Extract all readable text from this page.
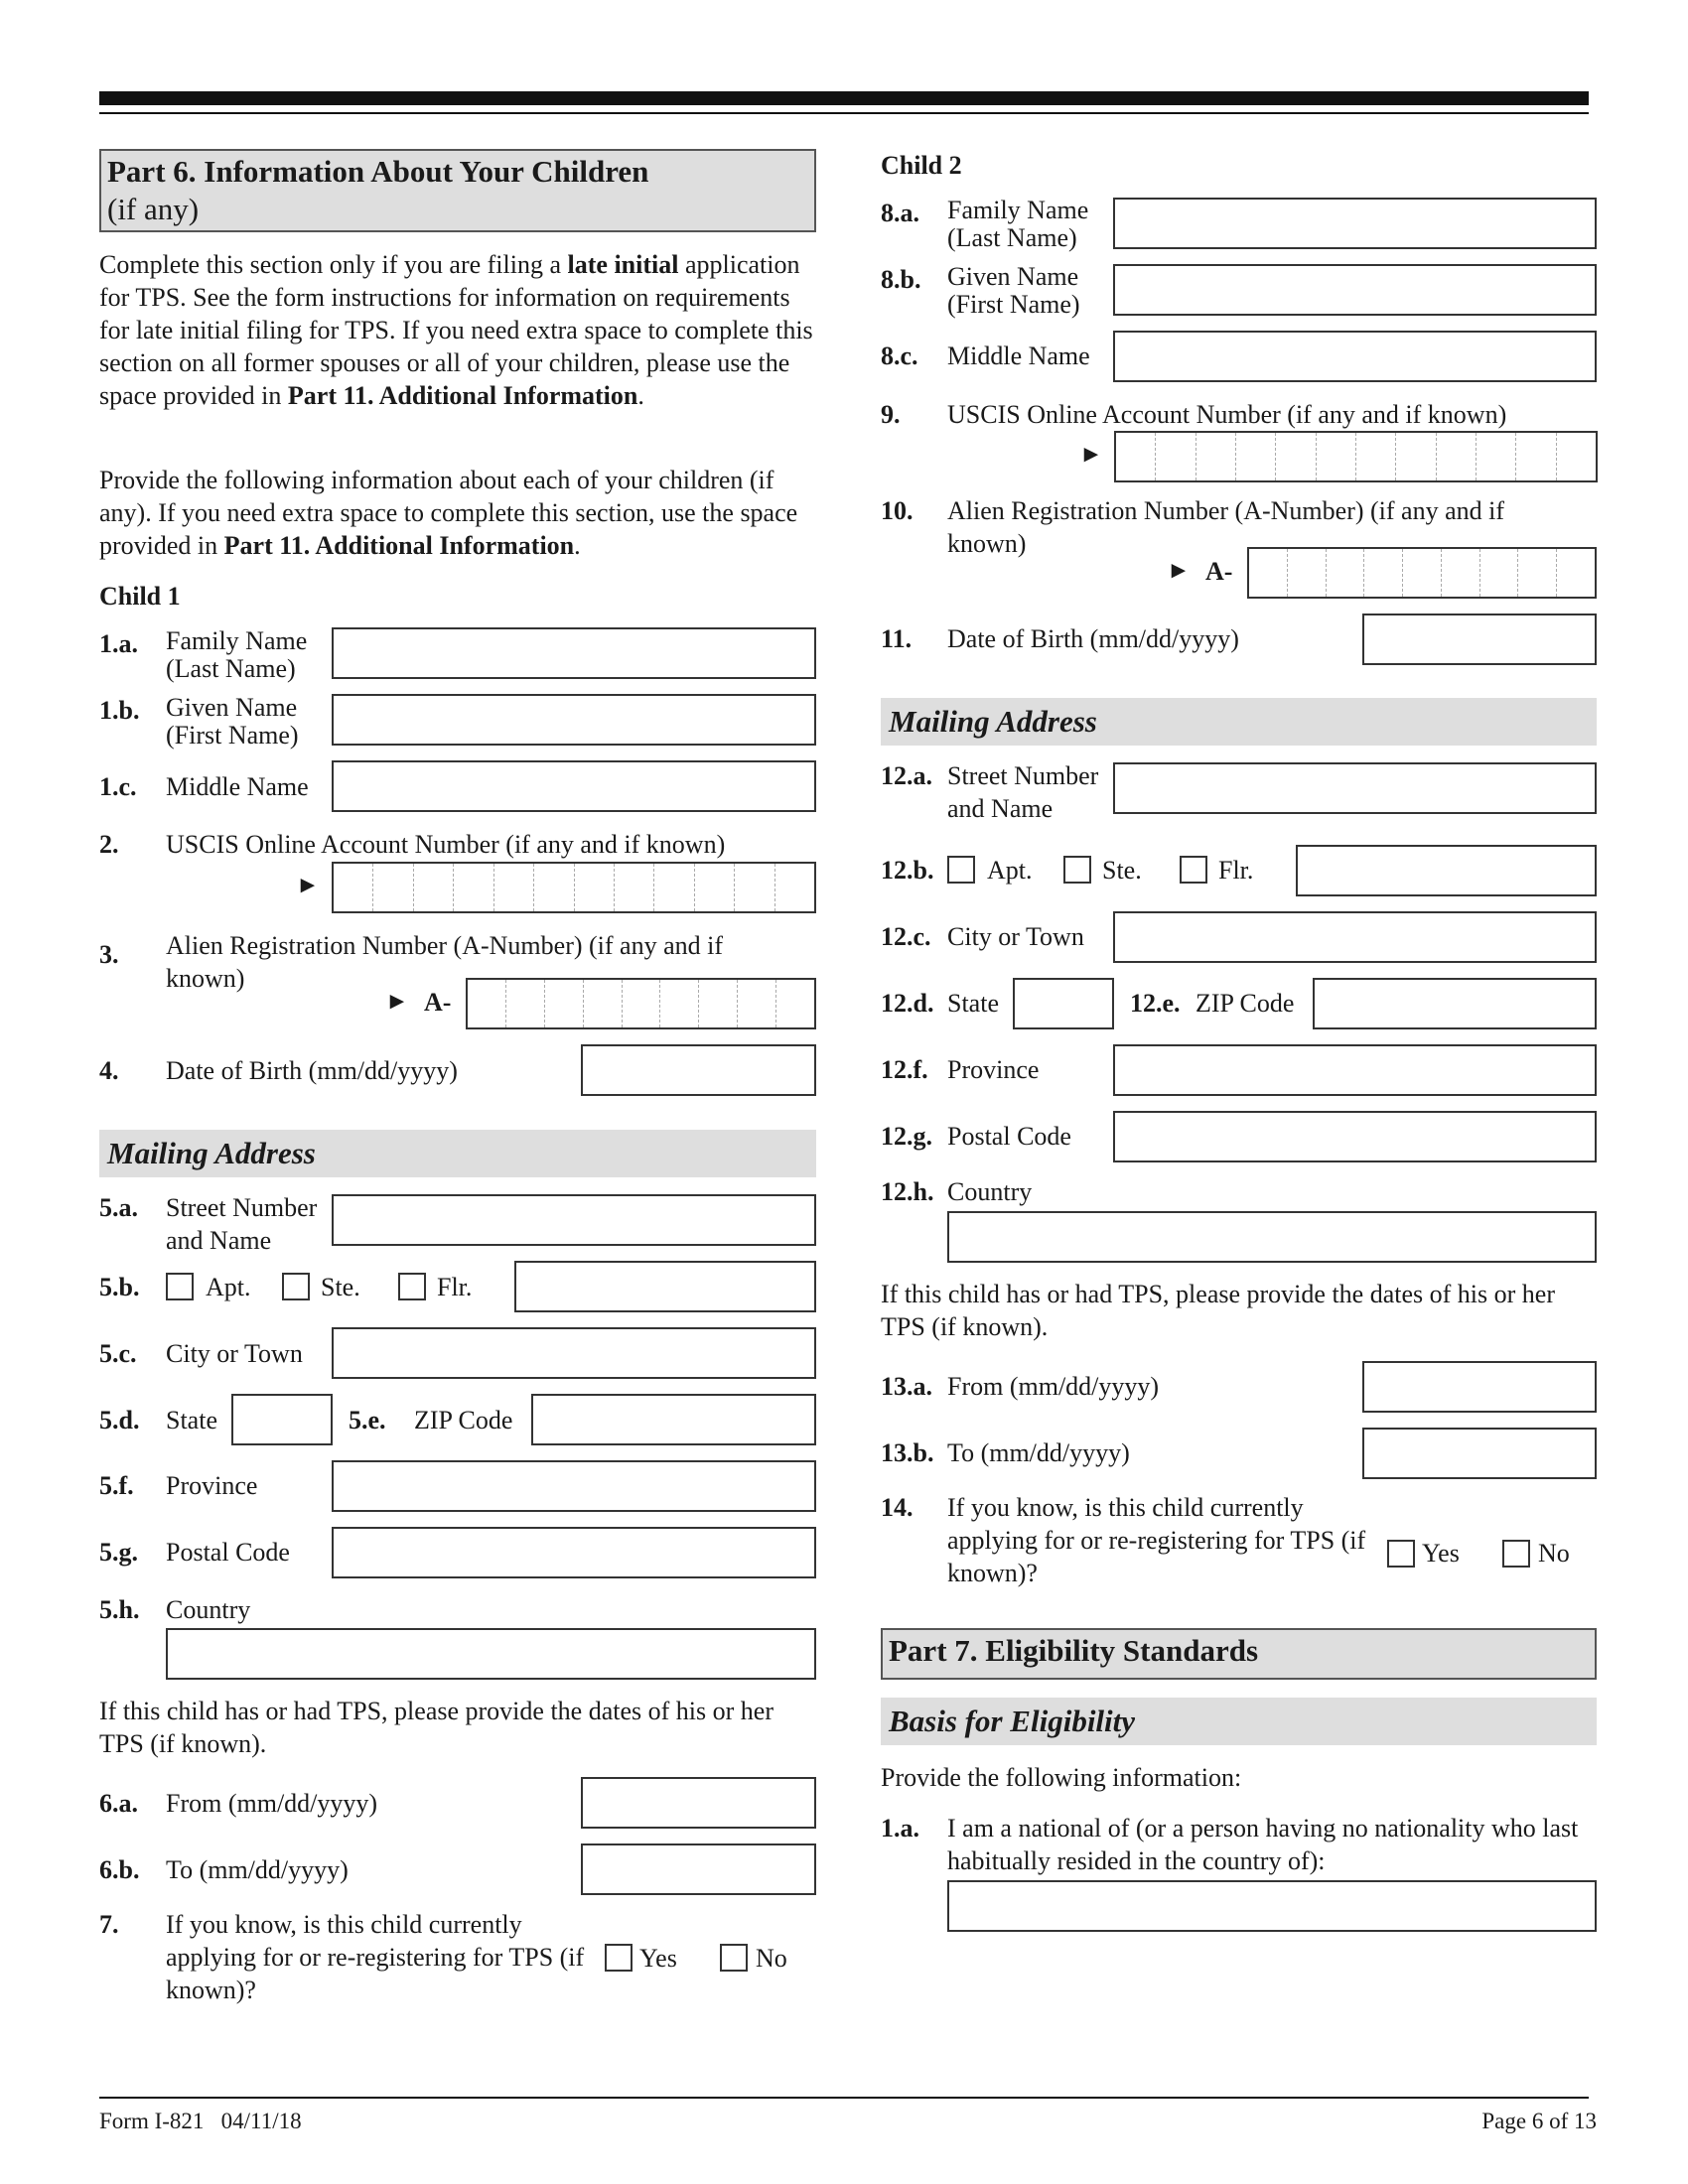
Part 6. Information About Your Children
(if any)
Complete this section only if you are filing a late initial application for TPS. See the form instructions for information on requirements for late initial filing for TPS. If you need extra space to complete this section on all former spouses or all of your children, please use the space provided in Part 11. Additional Information.
Provide the following information about each of your children (if any). If you need extra space to complete this section, use the space provided in Part 11. Additional Information.
Child 1
1.a. Family Name
(Last Name)
1.b. Given Name
(First Name)
1.c. Middle Name
2. USCIS Online Account Number (if any and if known)
►
3. Alien Registration Number (A-Number) (if any and if known)
► A-
4. Date of Birth (mm/dd/yyyy)
Mailing Address
5.a. Street Number
and Name
5.b.	Apt.	Ste.	Flr.
5.c. City or Town
5.d. State	5.e. ZIP Code
5.f. Province
5.g. Postal Code
5.h. Country
If this child has or had TPS, please provide the dates of his or her TPS (if known).
6.a. From (mm/dd/yyyy)
6.b. To (mm/dd/yyyy)
7. If you know, is this child currently applying for or re-registering for TPS (if known)?
Yes	No
Child 2
8.a. Family Name
(Last Name)
8.b. Given Name
(First Name)
8.c. Middle Name
9. USCIS Online Account Number (if any and if known)
►
10. Alien Registration Number (A-Number) (if any and if known)
► A-
11. Date of Birth (mm/dd/yyyy)
Mailing Address
12.a. Street Number
and Name
12.b. Apt.	Ste.	Flr.
12.c. City or Town
12.d. State	12.e. ZIP Code
12.f. Province
12.g. Postal Code
12.h. Country
If this child has or had TPS, please provide the dates of his or her TPS (if known).
13.a. From (mm/dd/yyyy)
13.b. To (mm/dd/yyyy)
14. If you know, is this child currently applying for or re-registering for TPS (if known)?
Yes	No
Part 7. Eligibility Standards
Basis for Eligibility
Provide the following information:
1.a. I am a national of (or a person having no nationality who last habitually resided in the country of):
Form I-821   04/11/18	Page 6 of 13
